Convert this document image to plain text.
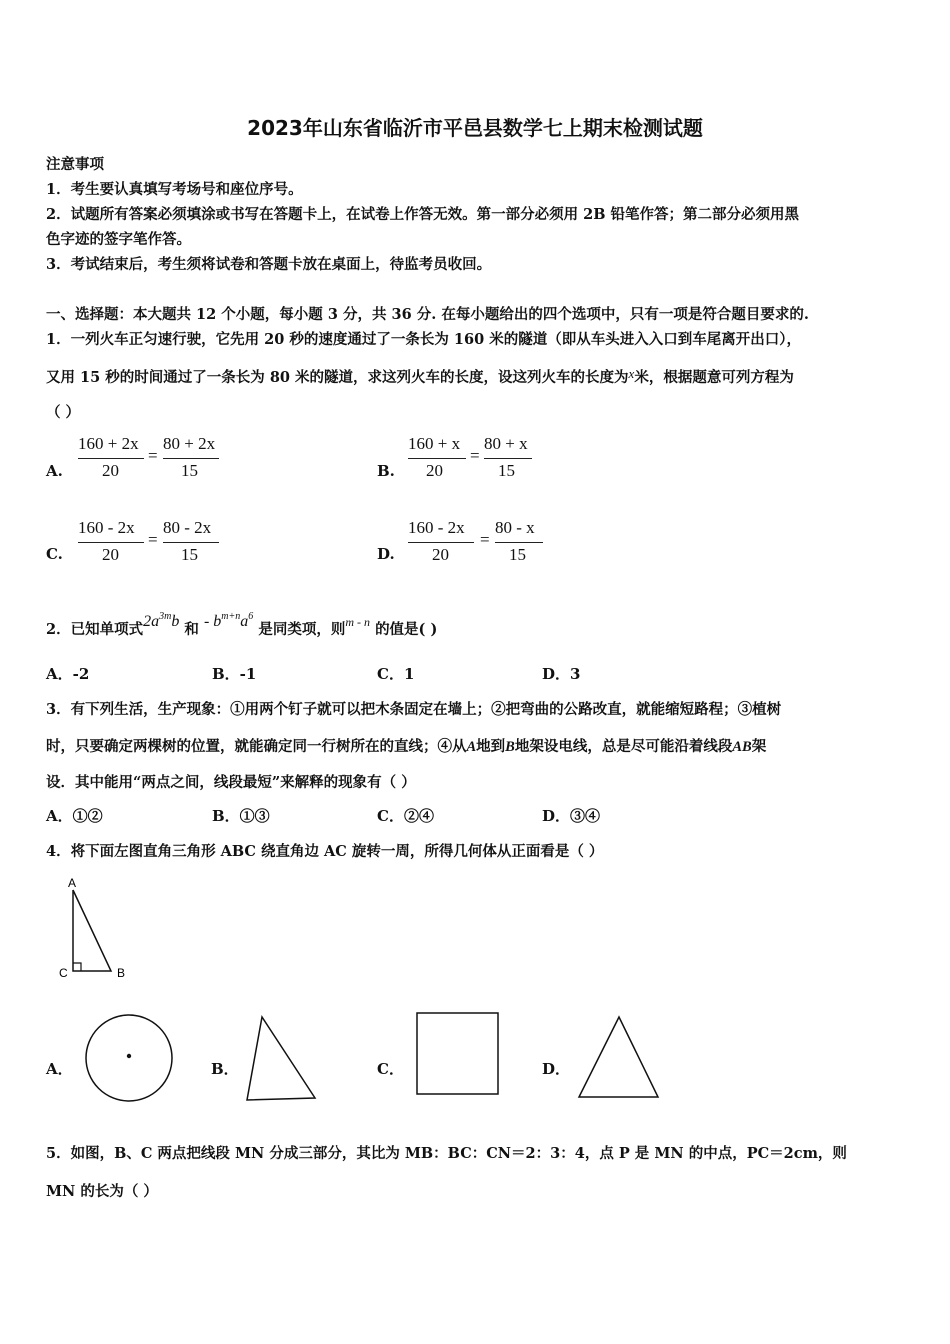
2023年山东省临沂市平邑县数学七上期末检测试题
注意事项
1．考生要认真填写考场号和座位序号。
2．试题所有答案必须填涂或书写在答题卡上，在试卷上作答无效。第一部分必须用 2B 铅笔作答；第二部分必须用黑
色字迹的签字笔作答。
3．考试结束后，考生须将试卷和答题卡放在桌面上，待监考员收回。
一、选择题：本大题共 12 个小题，每小题 3 分，共 36 分. 在每小题给出的四个选项中，只有一项是符合题目要求的.
1．一列火车正匀速行驶，它先用 20 秒的速度通过了一条长为 160 米的隧道（即从车头进入入口到车尾离开出口），
又用 15 秒的时间通过了一条长为 80 米的隧道，求这列火车的长度，设这列火车的长度为x米，根据题意可列方程为
（ ）
A.
160 + 2x
20
=
80 + 2x
15	B.
160 + x
20
=
80 + x
15
C.
160 - 2x
20
=
80 - 2x
15	D.
160 - 2x
20
=
80 - x
15
2．已知单项式$2a^{3m}b$ 和 - $b^{m+n}a^6$ 是同类项，则$^{m - n}$ 的值是( )
A．-2	B．-1	C．1	D．3
3．有下列生活，生产现象：①用两个钉子就可以把木条固定在墙上；②把弯曲的公路改直，就能缩短路程；③植树
时，只要确定两棵树的位置，就能确定同一行树所在的直线；④从A地到B地架设电线，总是尽可能沿着线段AB架
设．其中能用“两点之间，线段最短”来解释的现象有（ ）
A．①②	B．①③	C．②④	D．③④
4．将下面左图直角三角形 ABC 绕直角边 AC 旋转一周，所得几何体从正面看是（ ）
A
C	B
A．	B．	C．	D．
5．如图，B、C 两点把线段 MN 分成三部分，其比为 MB：BC：CN＝2：3：4，点 P 是 MN 的中点，PC＝2cm，则
MN 的长为（ ）
